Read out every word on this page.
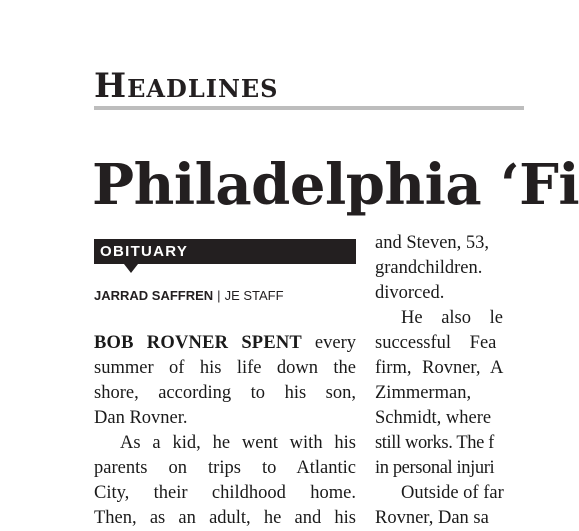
Headlines
Philadelphia ‘Fi
OBITUARY
JARRAD SAFFREN | JE STAFF
BOB ROVNER SPENT every
summer of his life down the
shore, according to his son,
Dan Rovner.
As a kid, he went with his
parents on trips to Atlantic
City, their childhood home.
Then, as an adult, he and his
and Steven, 53,
grandchildren.
divorced.
He also le
successful Fea
firm, Rovner, A
Zimmerman,
Schmidt, where
still works. The f
in personal injuri
Outside of far
Rovner, Dan sa
